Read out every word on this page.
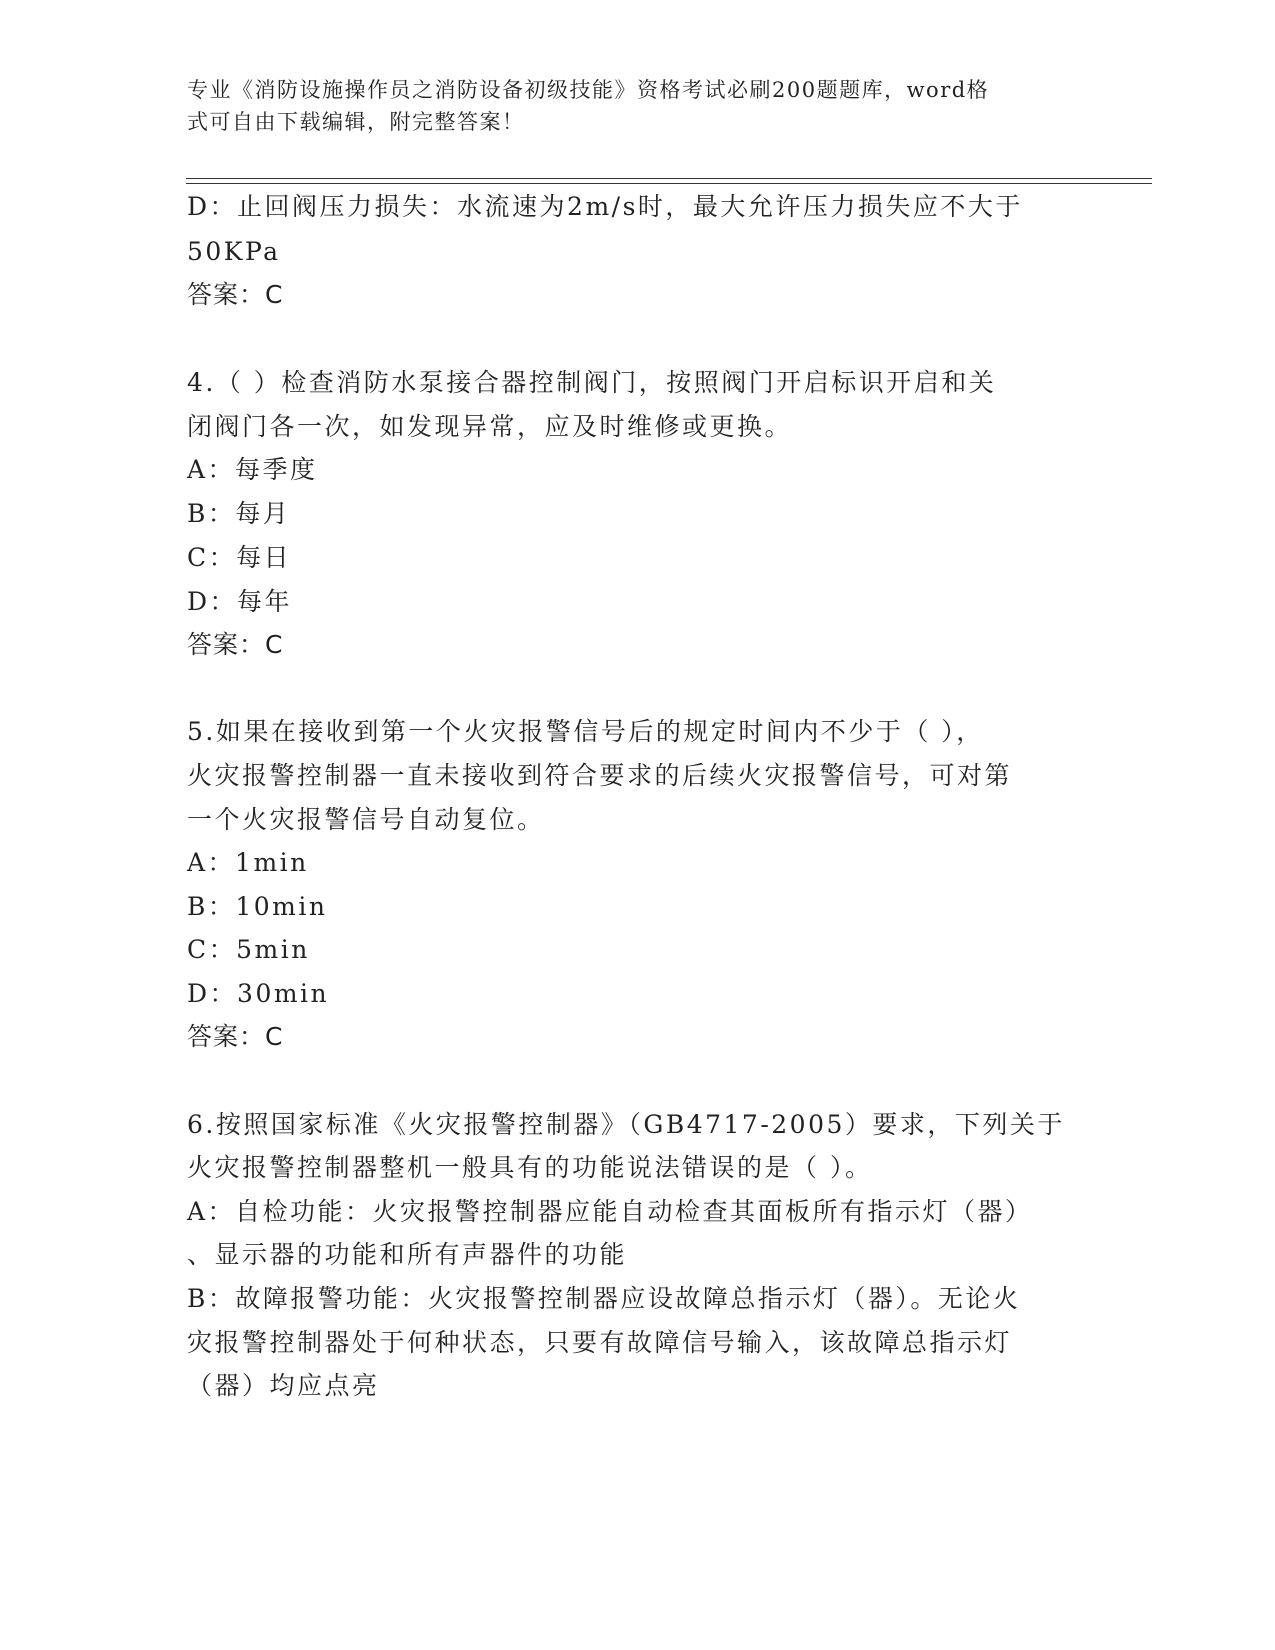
专业《消防设施操作员之消防设备初级技能》资格考试必刷200题题库，word格
式可自由下载编辑，附完整答案！
D：止回阀压力损失：水流速为2m/s时，最大允许压力损失应不大于
50KPa
答案：C
4.（ ）检查消防水泵接合器控制阀门，按照阀门开启标识开启和关
闭阀门各一次，如发现异常，应及时维修或更换。
A：每季度
B：每月
C：每日
D：每年
答案：C
5.如果在接收到第一个火灾报警信号后的规定时间内不少于（ ），
火灾报警控制器一直未接收到符合要求的后续火灾报警信号，可对第
一个火灾报警信号自动复位。
A：1min
B：10min
C：5min
D：30min
答案：C
6.按照国家标准《火灾报警控制器》（GB4717-2005）要求，下列关于
火灾报警控制器整机一般具有的功能说法错误的是（ ）。
A：自检功能：火灾报警控制器应能自动检查其面板所有指示灯（器）
、显示器的功能和所有声器件的功能
B：故障报警功能：火灾报警控制器应设故障总指示灯（器）。无论火
灾报警控制器处于何种状态，只要有故障信号输入，该故障总指示灯
（器）均应点亮
